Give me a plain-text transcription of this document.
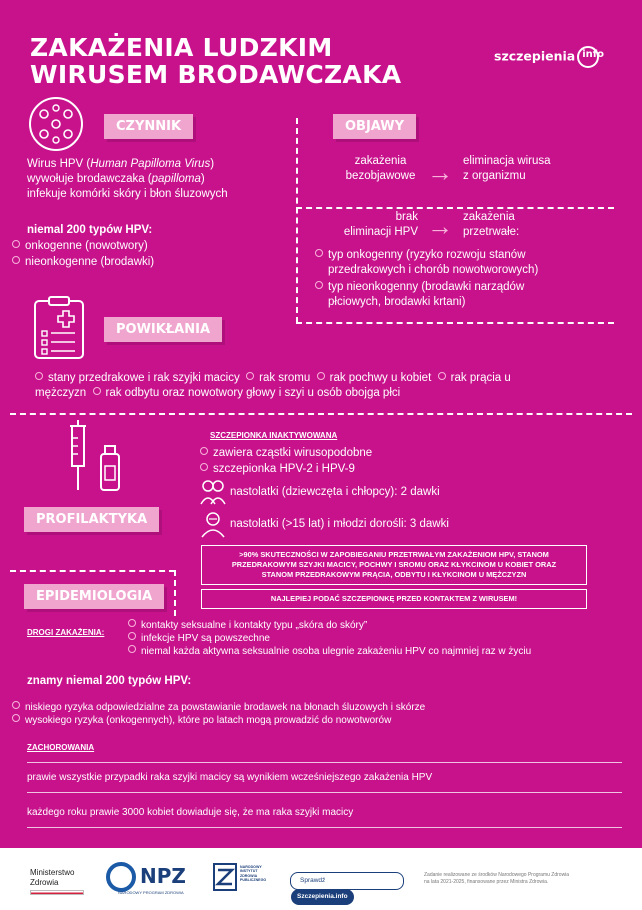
ZAKAŻENIA LUDZKIM
WIRUSEM BRODAWCZAKA
szczepienia info
CZYNNIK
Wirus HPV (Human Papilloma Virus)
wywołuje brodawczaka (papilloma)
infekuje komórki skóry i błon śluzowych
niemal 200 typów HPV:
onkogenne (nowotwory)
nieonkogenne (brodawki)
OBJAWY
zakażenia
bezobjawowe → eliminacja wirusa
z organizmu
brak
eliminacji HPV → zakażenia
przetrwałe:
typ onkogenny (ryzyko rozwoju stanów
przedrakowych i chorób nowotworowych)
typ nieonkogenny (brodawki narządów
płciowych, brodawki krtani)
POWIKŁANIA
stany przedrakowe i rak szyjki macicy rak sromu rak pochwy u kobiet rak prącia u
mężczyzn rak odbytu oraz nowotwory głowy i szyi u osób obojga płci
PROFILAKTYKA
SZCZEPIONKA INAKTYWOWANA
zawiera cząstki wirusopodobne
szczepionka HPV-2 i HPV-9
nastolatki (dziewczęta i chłopcy): 2 dawki
nastolatki (>15 lat) i młodzi dorośli: 3 dawki
>90% SKUTECZNOŚCI W ZAPOBIEGANIU PRZETRWAŁYM ZAKAŻENIOM HPV, STANOM
PRZEDRAKOWYM SZYJKI MACICY, POCHWY I SROMU ORAZ KŁYKCINOM U KOBIET ORAZ
STANOM PRZEDRAKOWYM PRĄCIA, ODBYTU I KŁYKCINOM U MĘŻCZYZN
NAJLEPIEJ PODAĆ SZCZEPIONKĘ PRZED KONTAKTEM Z WIRUSEM!
EPIDEMIOLOGIA
DROGI ZAKAŻENIA:
kontakty seksualne i kontakty typu „skóra do skóry”
infekcje HPV są powszechne
niemal każda aktywna seksualnie osoba ulegnie zakażeniu HPV co najmniej raz w życiu
znamy niemal 200 typów HPV:
niskiego ryzyka odpowiedzialne za powstawianie brodawek na błonach śluzowych i skórze
wysokiego ryzyka (onkogennych), które po latach mogą prowadzić do nowotworów
ZACHOROWANIA
prawie wszystkie przypadki raka szyjki macicy są wynikiem wcześniejszego zakażenia HPV
każdego roku prawie 3000 kobiet dowiaduje się, że ma raka szyjki macicy
Ministerstwo
Zdrowia	NPZ
NARODOWY PROGRAM ZDROWIA
NARODOWY
INSTYTUT
ZDROWIA
PUBLICZNEGO	SprawdźSzczepienia.info
Zadanie realizowane ze środków Narodowego Programu Zdrowia
na lata 2021-2025, finansowane przez Ministra Zdrowia.
